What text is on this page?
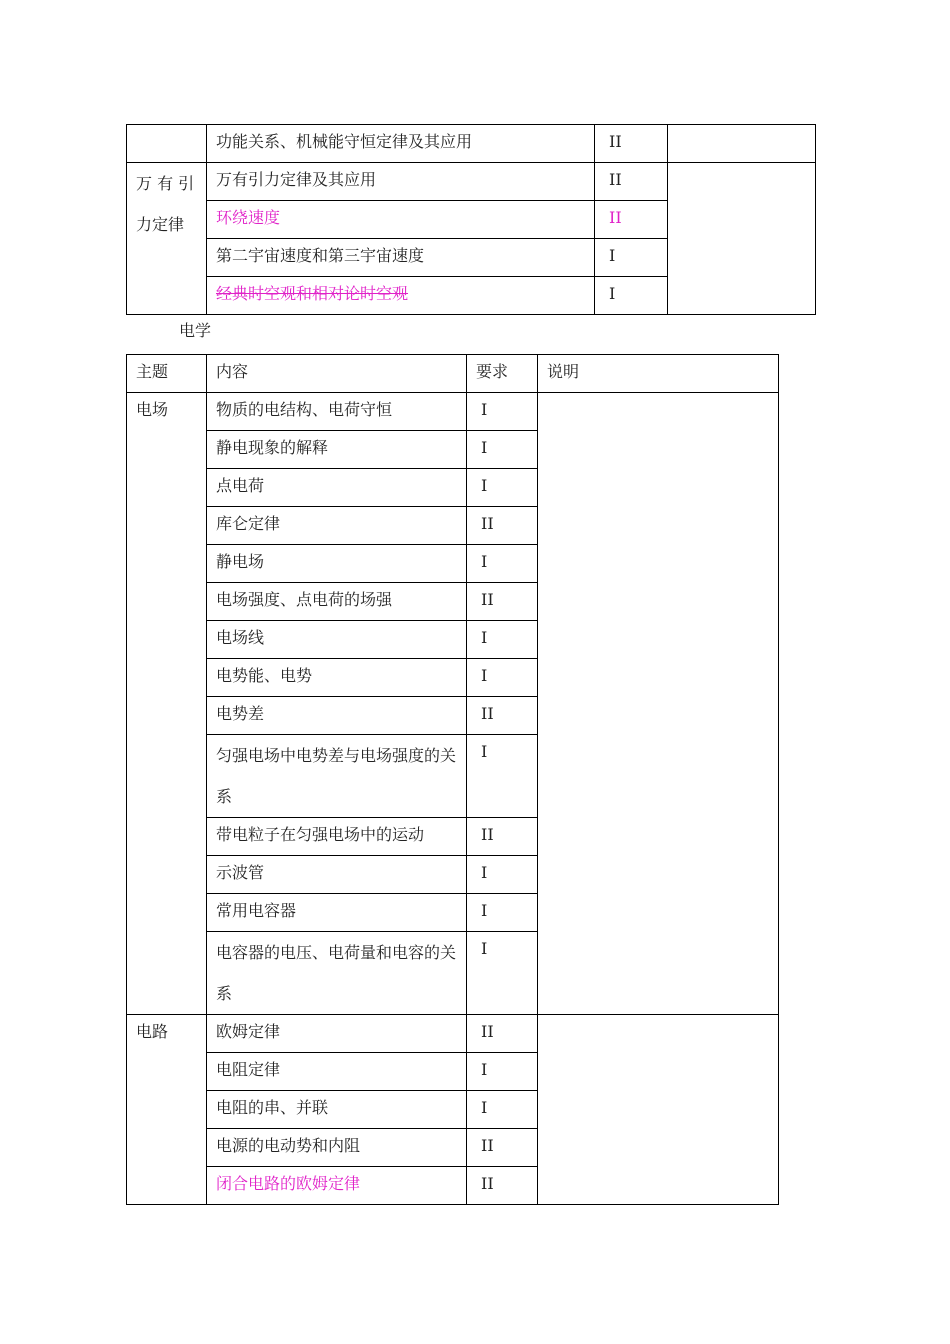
	功能关系、机械能守恒定律及其应用	II	
万 有 引力定律	万有引力定律及其应用	II	
	环绕速度	II	
	第二宇宙速度和第三宇宙速度	I	
	经典时空观和相对论时空观	I	
电学
主题	内容	要求	说明
电场	物质的电结构、电荷守恒	I	
	静电现象的解释	I	
	点电荷	I	
	库仑定律	II	
	静电场	I	
	电场强度、点电荷的场强	II	
	电场线	I	
	电势能、电势	I	
	电势差	II	
	匀强电场中电势差与电场强度的关系	I	
	带电粒子在匀强电场中的运动	II	
	示波管	I	
	常用电容器	I	
	电容器的电压、电荷量和电容的关系	I	
电路	欧姆定律	II	
	电阻定律	I	
	电阻的串、并联	I	
	电源的电动势和内阻	II	
	闭合电路的欧姆定律	II	
